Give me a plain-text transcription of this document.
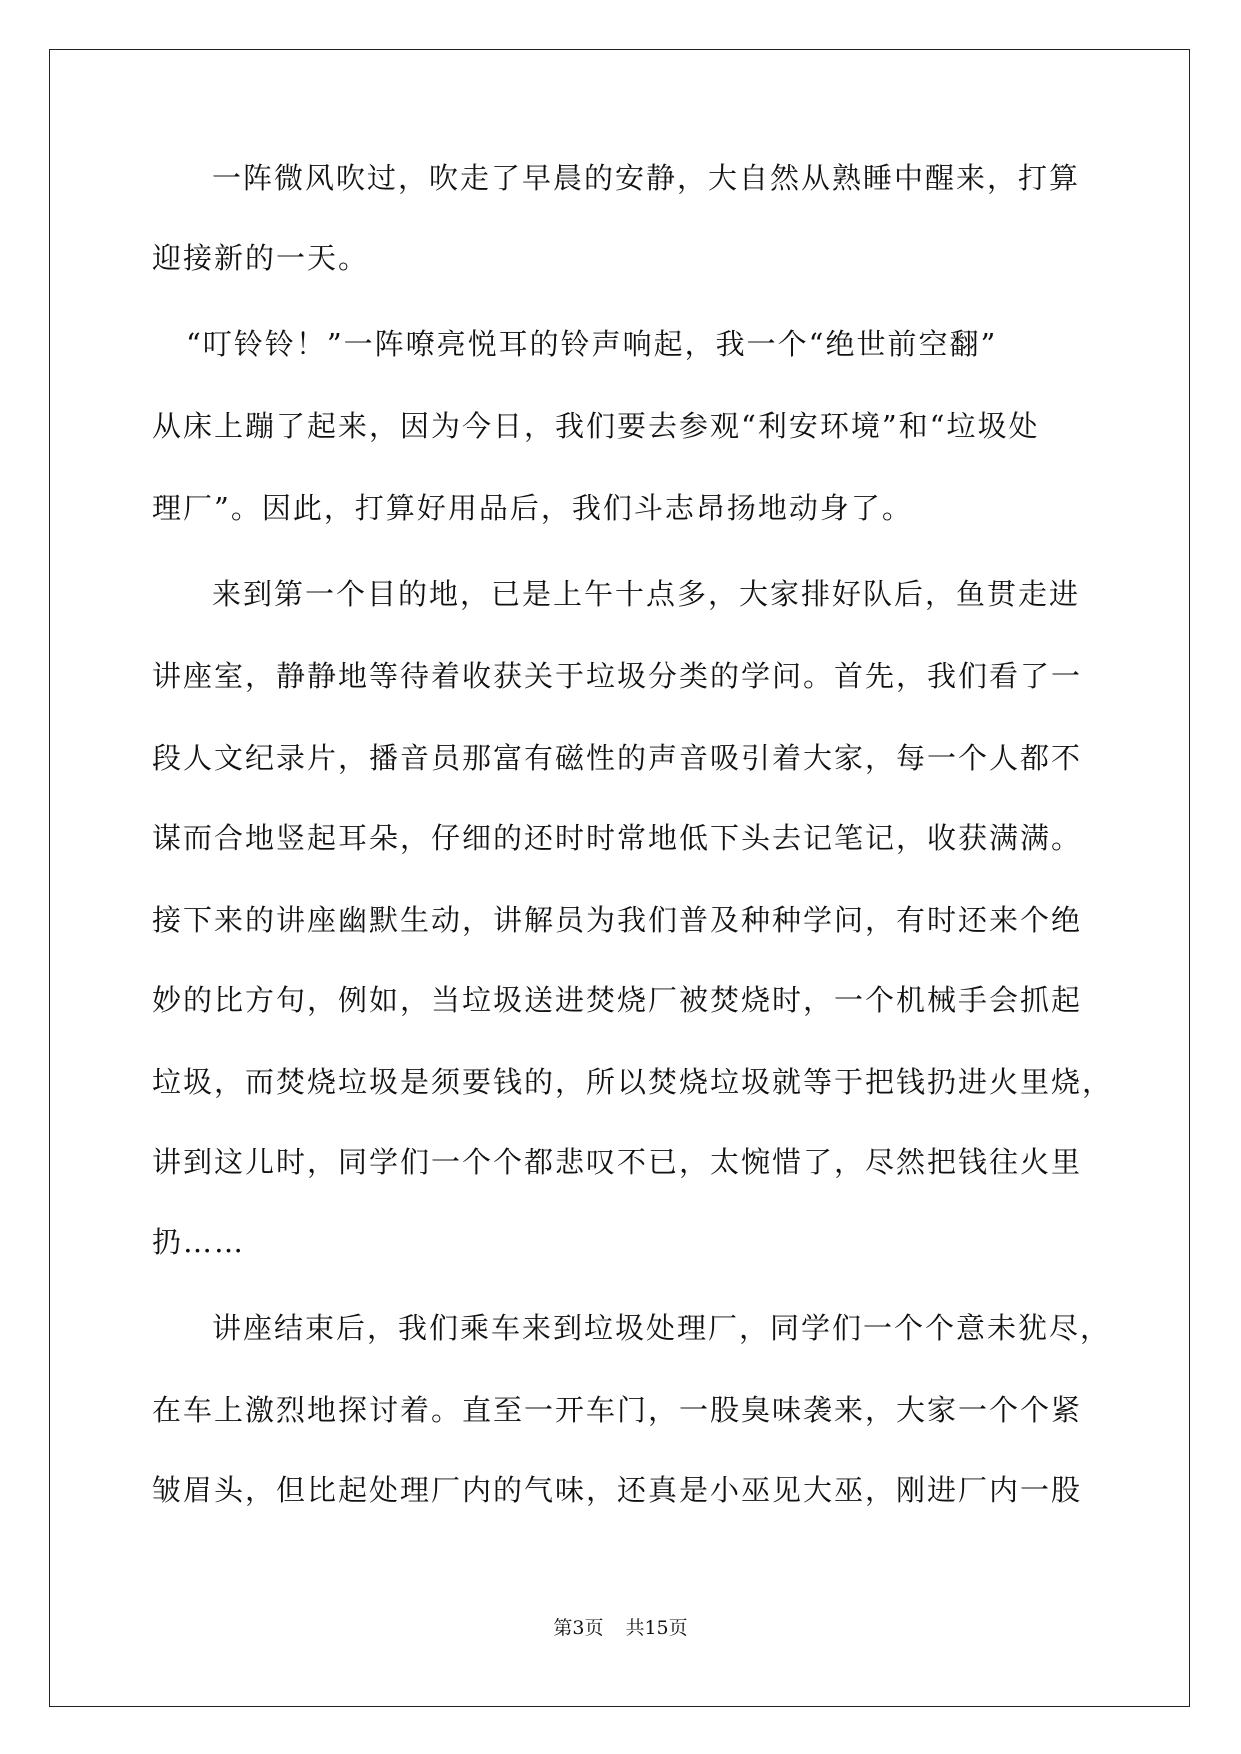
一阵微风吹过，吹走了早晨的安静，大自然从熟睡中醒来，打算
迎接新的一天。
“叮铃铃！”一阵嘹亮悦耳的铃声响起，我一个“绝世前空翻”
从床上蹦了起来，因为今日，我们要去参观“利安环境”和“垃圾处
理厂”。因此，打算好用品后，我们斗志昂扬地动身了。
来到第一个目的地，已是上午十点多，大家排好队后，鱼贯走进
讲座室，静静地等待着收获关于垃圾分类的学问。首先，我们看了一
段人文纪录片，播音员那富有磁性的声音吸引着大家，每一个人都不
谋而合地竖起耳朵，仔细的还时时常地低下头去记笔记，收获满满。
接下来的讲座幽默生动，讲解员为我们普及种种学问，有时还来个绝
妙的比方句，例如，当垃圾送进焚烧厂被焚烧时，一个机械手会抓起
垃圾，而焚烧垃圾是须要钱的，所以焚烧垃圾就等于把钱扔进火里烧，
讲到这儿时，同学们一个个都悲叹不已，太惋惜了，尽然把钱往火里
扔……
讲座结束后，我们乘车来到垃圾处理厂，同学们一个个意未犹尽，
在车上激烈地探讨着。直至一开车门，一股臭味袭来，大家一个个紧
皱眉头，但比起处理厂内的气味，还真是小巫见大巫，刚进厂内一股
第3页 共15页
